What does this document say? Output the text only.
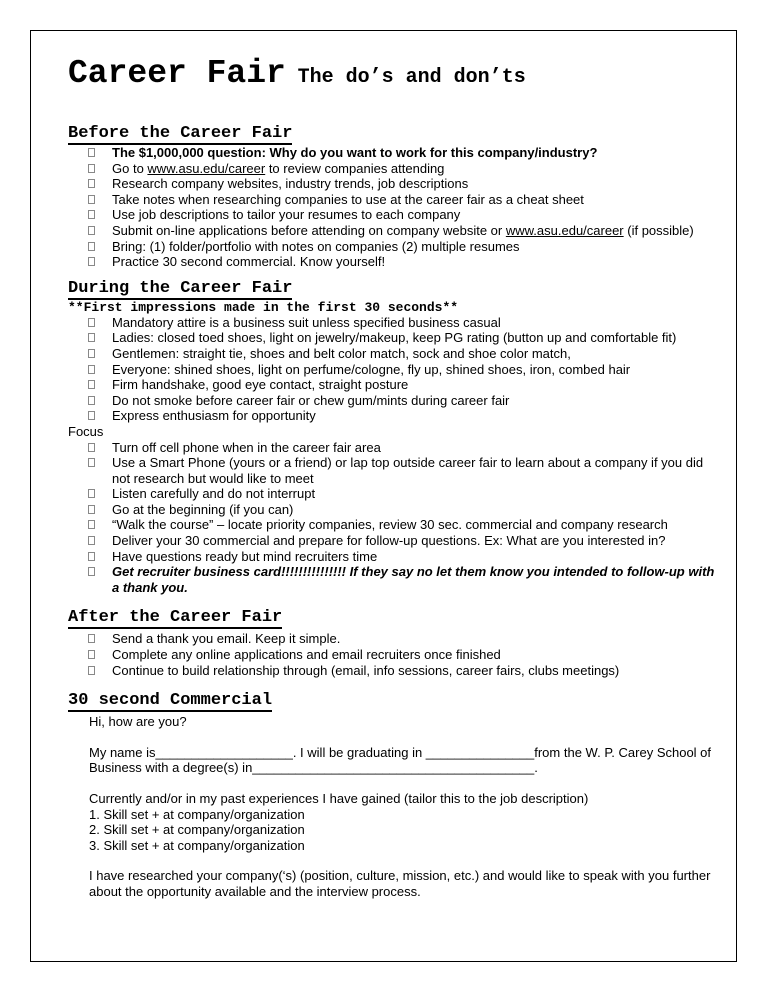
Career Fair The do’s and don’ts
Before the Career Fair
The $1,000,000 question: Why do you want to work for this company/industry?
Go to www.asu.edu/career to review companies attending
Research company websites, industry trends, job descriptions
Take notes when researching companies to use at the career fair as a cheat sheet
Use job descriptions to tailor your resumes to each company
Submit on-line applications before attending on company website or www.asu.edu/career (if possible)
Bring: (1) folder/portfolio with notes on companies (2) multiple resumes
Practice 30 second commercial. Know yourself!
During the Career Fair
**First impressions made in the first 30 seconds**
Mandatory attire is a business suit unless specified business casual
Ladies: closed toed shoes, light on jewelry/makeup, keep PG rating (button up and comfortable fit)
Gentlemen: straight tie, shoes and belt color match, sock and shoe color match,
Everyone: shined shoes, light on perfume/cologne, fly up, shined shoes, iron, combed hair
Firm handshake, good eye contact, straight posture
Do not smoke before career fair or chew gum/mints during career fair
Express enthusiasm for opportunity
Focus
Turn off cell phone when in the career fair area
Use a Smart Phone (yours or a friend) or lap top outside career fair to learn about a company if you did not research but would like to meet
Listen carefully and do not interrupt
Go at the beginning (if you can)
“Walk the course” – locate priority companies, review 30 sec. commercial and company research
Deliver your 30 commercial and prepare for follow-up questions. Ex: What are you interested in?
Have questions ready but mind recruiters time
Get recruiter business card!!!!!!!!!!!!!!! If they say no let them know you intended to follow-up with a thank you.
After the Career Fair
Send a thank you email. Keep it simple.
Complete any online applications and email recruiters once finished
Continue to build relationship through (email, info sessions, career fairs, clubs meetings)
30 second Commercial
Hi, how are you?
My name is___________________. I will be graduating in _______________from the W. P. Carey School of Business with a degree(s) in_______________________________________.
Currently and/or in my past experiences I have gained (tailor this to the job description)
1. Skill set + at company/organization
2. Skill set + at company/organization
3. Skill set + at company/organization
I have researched your company(‘s) (position, culture, mission, etc.) and would like to speak with you further about the opportunity available and the interview process.
